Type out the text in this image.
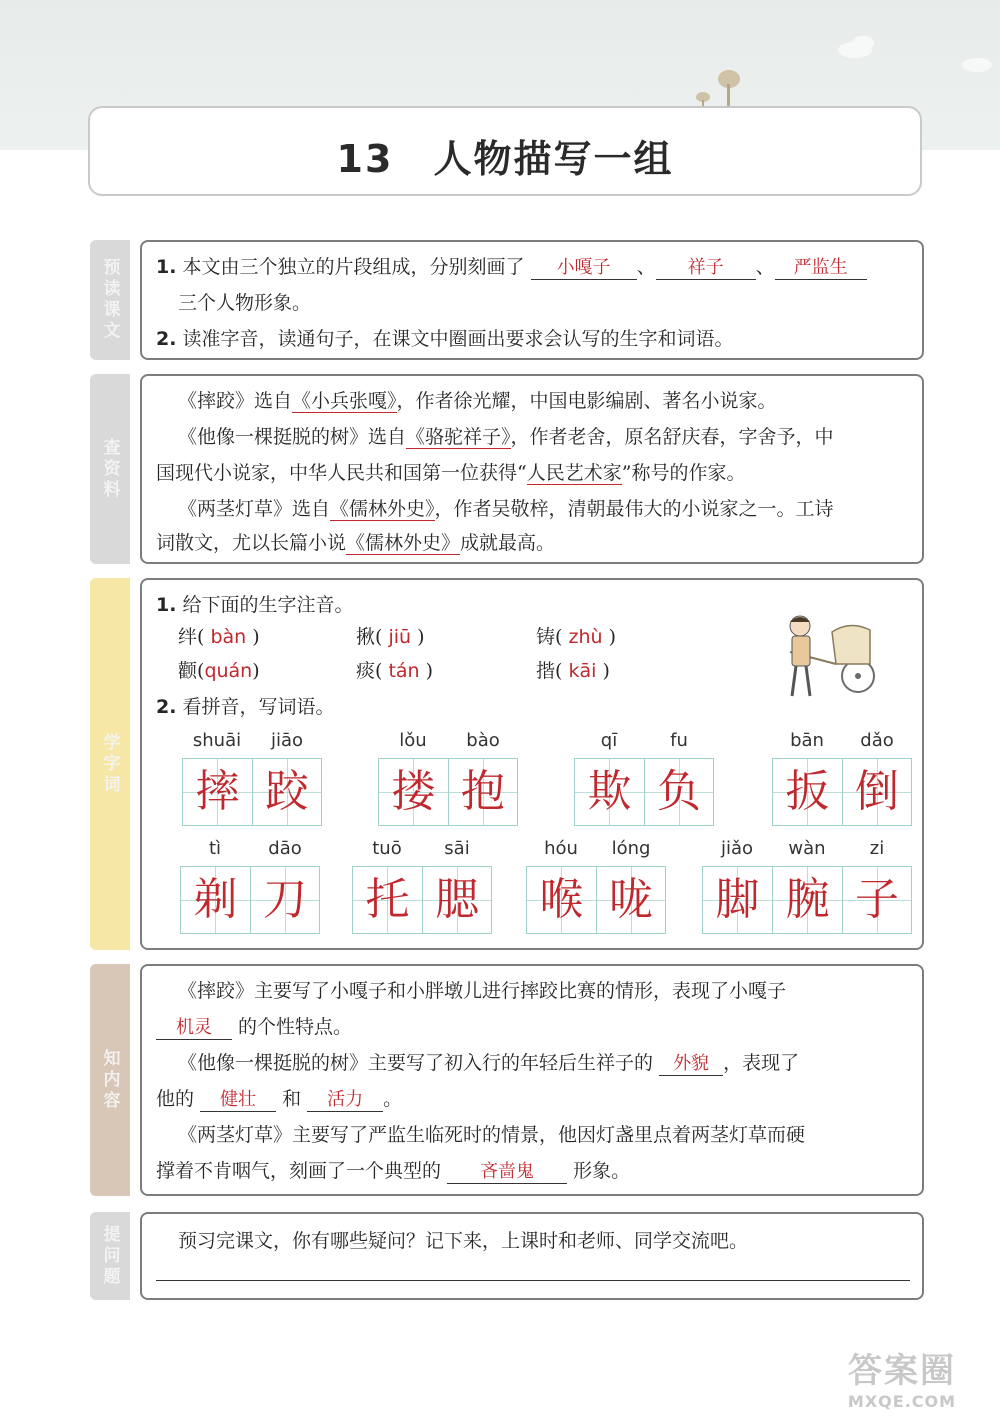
13 人物描写一组
预读课文 1. 本文由三个独立的片段组成，分别刻画了 小嘎子 、 祥子 、 严监生
三个人物形象。
2. 读准字音，读通句子，在课文中圈画出要求会认写的生字和词语。
查资料
《摔跤》选自《小兵张嘎》，作者徐光耀，中国电影编剧、著名小说家。
《他像一棵挺脱的树》选自《骆驼祥子》，作者老舍，原名舒庆春，字舍予，中
国现代小说家，中华人民共和国第一位获得“人民艺术家”称号的作家。
《两茎灯草》选自《儒林外史》，作者吴敬梓，清朝最伟大的小说家之一。工诗
词散文，尤以长篇小说《儒林外史》成就最高。
学字词
1. 给下面的生字注音。
绊( bàn )	揪( jiū )	铸( zhù )
颧(quán)	痰( tán )	揩( kāi )
2. 看拼音，写词语。
shuāi	jiāo	lǒu	bào	qī	fu	bān	dǎo
摔 跤 搂 抱 欺 负 扳 倒
tì	dāo	tuō	sāi	hóu	lóng	jiǎo	wàn	zi
剃 刀 托 腮 喉 咙 脚 腕 子
知内容
《摔跤》主要写了小嘎子和小胖墩儿进行摔跤比赛的情形，表现了小嘎子
机灵 的个性特点。
《他像一棵挺脱的树》主要写了初入行的年轻后生祥子的 外貌 ，表现了
他的 健壮 和 活力 。
《两茎灯草》主要写了严监生临死时的情景，他因灯盏里点着两茎灯草而硬
撑着不肯咽气，刻画了一个典型的 吝啬鬼 形象。
提问题	预习完课文，你有哪些疑问？记下来，上课时和老师、同学交流吧。
答案圈
MXQE.COM
